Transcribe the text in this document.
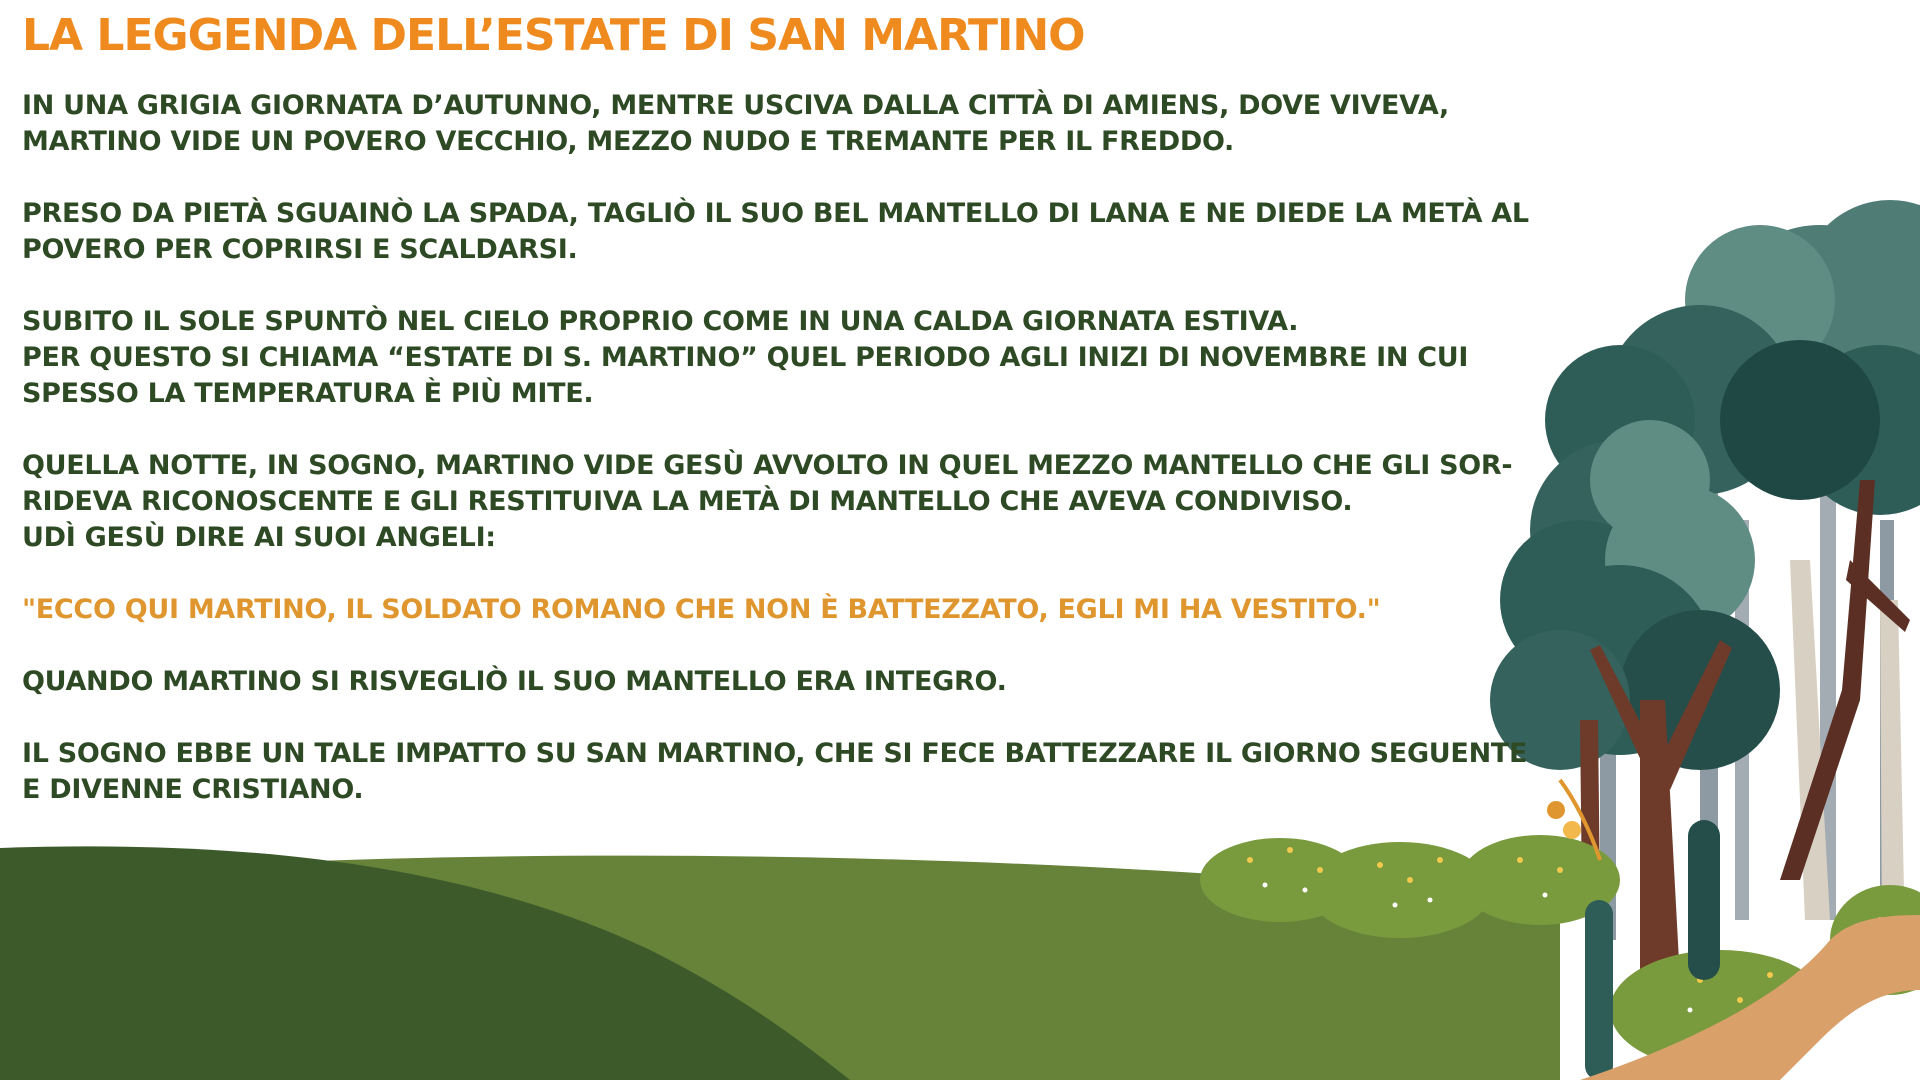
LA LEGGENDA DELL’ESTATE DI SAN MARTINO

IN UNA GRIGIA GIORNATA D’AUTUNNO, MENTRE USCIVA DALLA CITTÀ DI AMIENS, DOVE VIVEVA,

MARTINO VIDE UN POVERO VECCHIO, MEZZO NUDO E TREMANTE PER IL FREDDO.

PRESO DA PIETÀ SGUAINÒ LA SPADA, TAGLIÒ IL SUO BEL MANTELLO DI LANA E NE DIEDE LA METÀ AL

POVERO PER COPRIRSI E SCALDARSI.

SUBITO IL SOLE SPUNTÒ NEL CIELO PROPRIO COME IN UNA CALDA GIORNATA ESTIVA.

PER QUESTO SI CHIAMA “ESTATE DI S. MARTINO” QUEL PERIODO AGLI INIZI DI NOVEMBRE IN CUI

SPESSO LA TEMPERATURA È PIÙ MITE.

QUELLA NOTTE, IN SOGNO, MARTINO VIDE GESÙ AVVOLTO IN QUEL MEZZO MANTELLO CHE GLI SOR-

RIDEVA RICONOSCENTE E GLI RESTITUIVA LA METÀ DI MANTELLO CHE AVEVA CONDIVISO.

UDÌ GESÙ DIRE AI SUOI ANGELI:

"ECCO QUI MARTINO, IL SOLDATO ROMANO CHE NON È BATTEZZATO, EGLI MI HA VESTITO."

QUANDO MARTINO SI RISVEGLIÒ IL SUO MANTELLO ERA INTEGRO.

IL SOGNO EBBE UN TALE IMPATTO SU SAN MARTINO, CHE SI FECE BATTEZZARE IL GIORNO SEGUENTE

E DIVENNE CRISTIANO.
